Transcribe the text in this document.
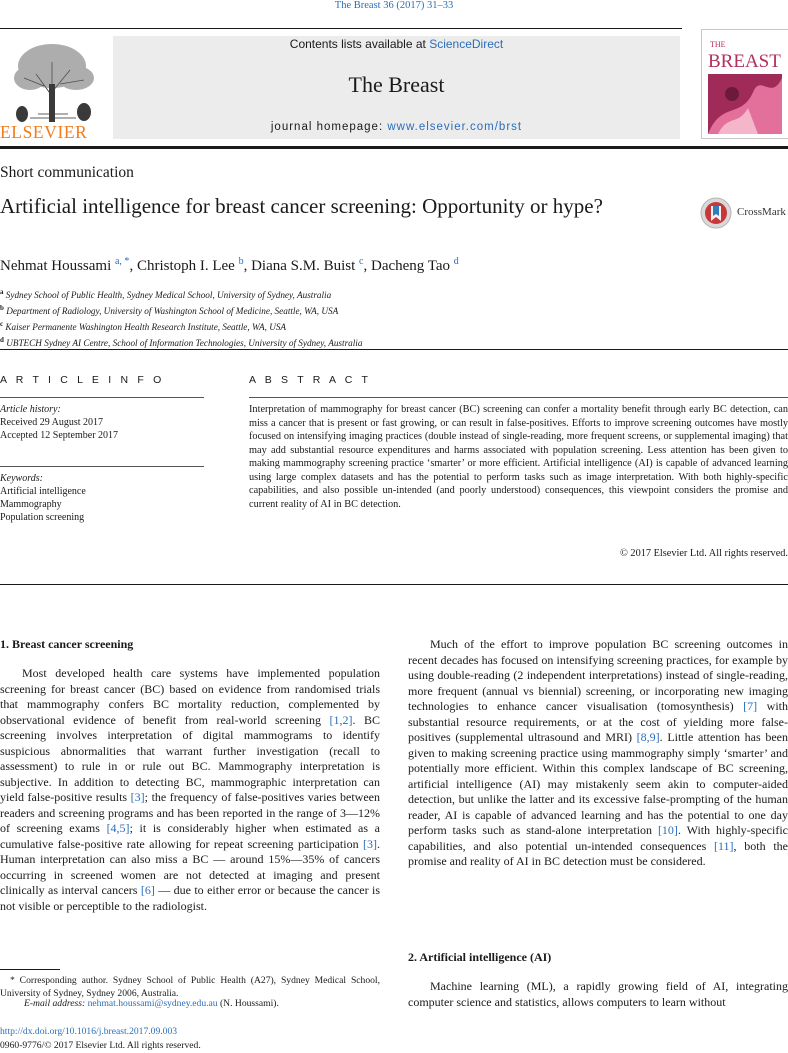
The Breast 36 (2017) 31–33
ELSEVIER
Contents lists available at ScienceDirect
The Breast
journal homepage: www.elsevier.com/brst
THE
BREAST
Short communication
Artificial intelligence for breast cancer screening: Opportunity or hype?	CrossMark
Nehmat Houssami $^{a, *}$, Christoph I. Lee $^b$, Diana S.M. Buist $^c$, Dacheng Tao $^d$
$^a$ Sydney School of Public Health, Sydney Medical School, University of Sydney, Australia
$^b$ Department of Radiology, University of Washington School of Medicine, Seattle, WA, USA
$^c$ Kaiser Permanente Washington Health Research Institute, Seattle, WA, USA
$^d$ UBTECH Sydney AI Centre, School of Information Technologies, University of Sydney, Australia
A R T I C L E I N F O
Article history:
Received 29 August 2017
Accepted 12 September 2017
Keywords:
Artificial intelligence
Mammography
Population screening
A B S T R A C T
Interpretation of mammography for breast cancer (BC) screening can confer a mortality benefit through early BC detection, can miss a cancer that is present or fast growing, or can result in false-positives. Efforts to improve screening outcomes have mostly focused on intensifying imaging practices (double instead of single-reading, more frequent screens, or supplemental imaging) that may add substantial resource expenditures and harms associated with population screening. Less attention has been given to making mammography screening practice ‘smarter’ or more efficient. Artificial intelligence (AI) is capable of advanced learning using large complex datasets and has the potential to perform tasks such as image interpretation. With both highly-specific capabilities, and also possible un-intended (and poorly understood) consequences, this viewpoint considers the promise and current reality of AI in BC detection.
© 2017 Elsevier Ltd. All rights reserved.
1. Breast cancer screening

Most developed health care systems have implemented population screening for breast cancer (BC) based on evidence from randomised trials that mammography confers BC mortality reduction, complemented by observational evidence of benefit from real-world screening [1,2]. BC screening involves interpretation of digital mammograms to identify suspicious abnormalities that warrant further investigation (recall to assessment) to rule in or rule out BC. Mammography interpretation is subjective. In addition to detecting BC, mammographic interpretation can yield false-positive results [3]; the frequency of false-positives varies between readers and screening programs and has been reported in the range of 3—12% of screening exams [4,5]; it is considerably higher when estimated as a cumulative false-positive rate allowing for repeat screening participation [3]. Human interpretation can also miss a BC — around 15%—35% of cancers occurring in screened women are not detected at imaging and present clinically as interval cancers [6] — due to either error or because the cancer is not visible or perceptible to the radiologist.

Much of the effort to improve population BC screening outcomes in recent decades has focused on intensifying screening practices, for example by using double-reading (2 independent interpretations) instead of single-reading, more frequent (annual vs biennial) screening, or incorporating new imaging technologies to enhance cancer visualisation (tomosynthesis) [7] with substantial resource requirements, or at the cost of yielding more false-positives (supplemental ultrasound and MRI) [8,9]. Little attention has been given to making screening practice using mammography simply ‘smarter’ and potentially more efficient. Within this complex landscape of BC screening, artificial intelligence (AI) may mistakenly seem akin to computer-aided detection, but unlike the latter and its excessive false-prompting of the human reader, AI is capable of advanced learning and has the potential to one day perform tasks such as stand-alone interpretation [10]. With highly-specific capabilities, and also potential un-intended consequences [11], both the promise and reality of AI in BC detection must be considered.

2. Artificial intelligence (AI)

Machine learning (ML), a rapidly growing field of AI, integrating computer science and statistics, allows computers to learn without

* Corresponding author. Sydney School of Public Health (A27), Sydney Medical School, University of Sydney, Sydney 2006, Australia.

E-mail address: nehmat.houssami@sydney.edu.au (N. Houssami).
http://dx.doi.org/10.1016/j.breast.2017.09.003
0960-9776/© 2017 Elsevier Ltd. All rights reserved.
